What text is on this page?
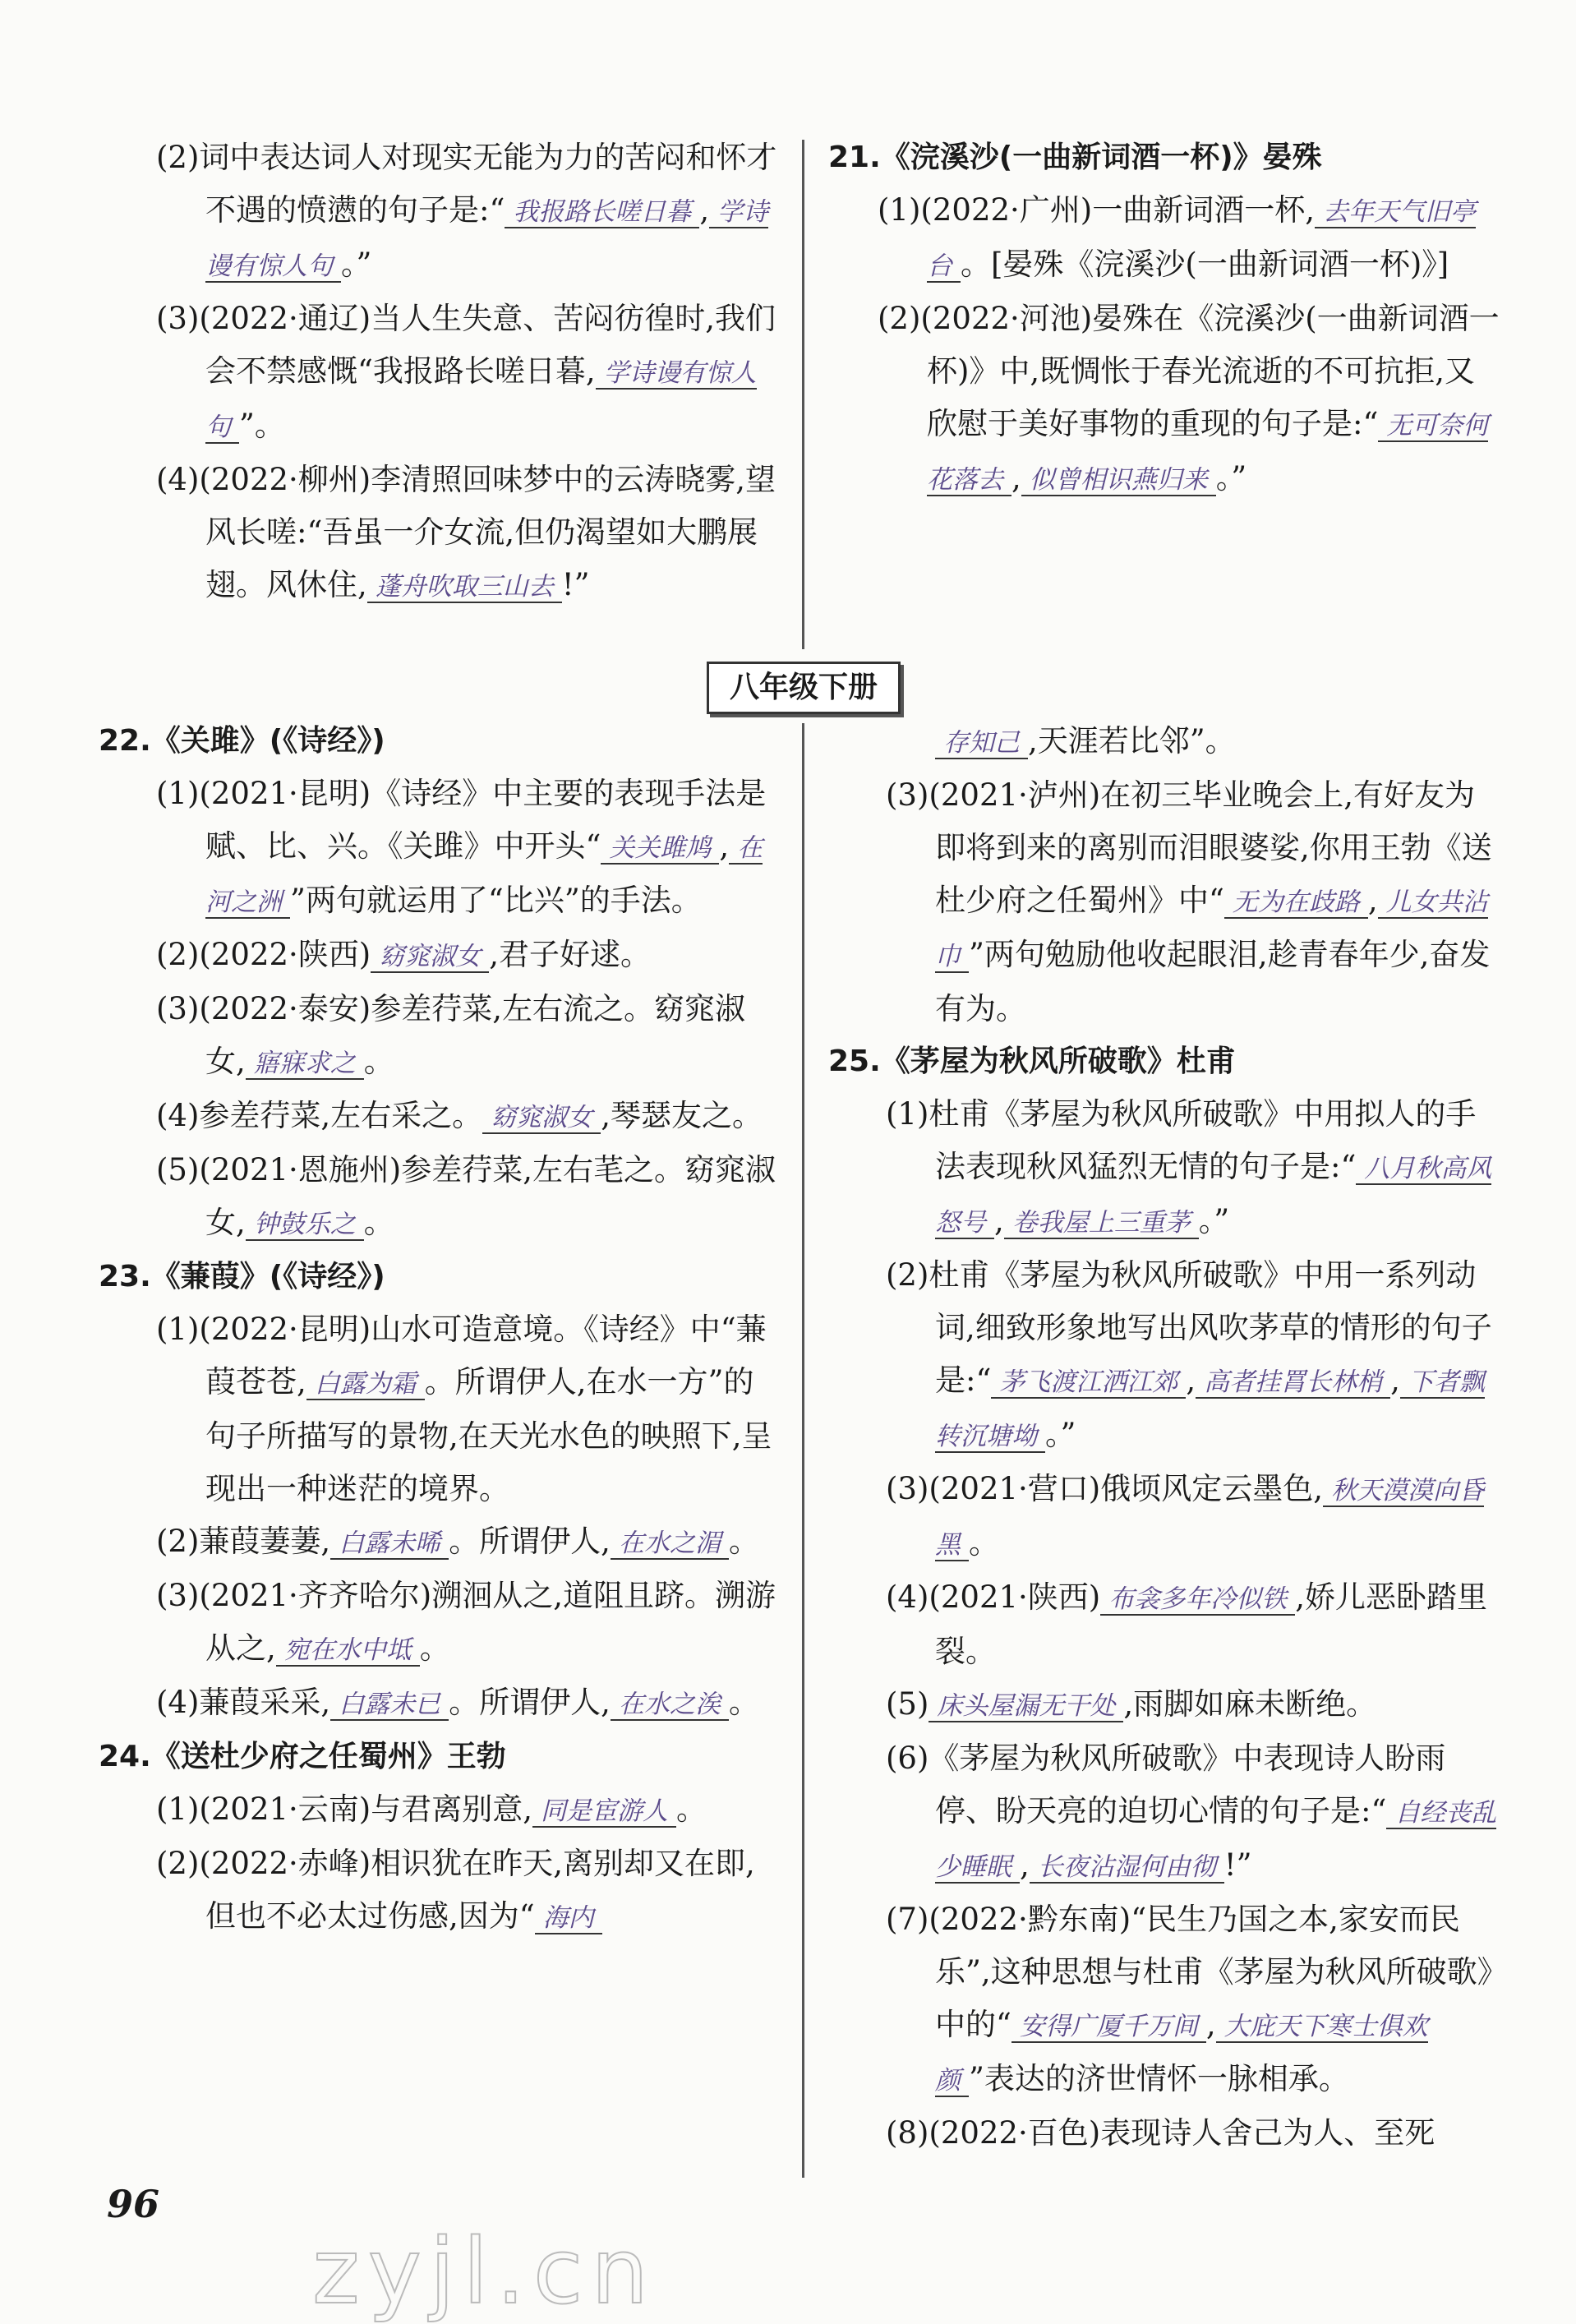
(2)词中表达词人对现实无能为力的苦闷和怀才不遇的愤懑的句子是:“ 我报路长嗟日暮 , 学诗谩有惊人句 。”

(3)(2022·通辽)当人生失意、苦闷彷徨时,我们会不禁感慨“我报路长嗟日暮, 学诗谩有惊人句 ”。

(4)(2022·柳州)李清照回味梦中的云涛晓雾,望风长嗟:“吾虽一介女流,但仍渴望如大鹏展翅。风休住, 蓬舟吹取三山去 !”

21.《浣溪沙(一曲新词酒一杯)》晏殊

(1)(2022·广州)一曲新词酒一杯, 去年天气旧亭台 。[晏殊《浣溪沙(一曲新词酒一杯)》]

(2)(2022·河池)晏殊在《浣溪沙(一曲新词酒一杯)》中,既惆怅于春光流逝的不可抗拒,又欣慰于美好事物的重现的句子是:“ 无可奈何花落去 , 似曾相识燕归来 。”

八年级下册
22.《关雎》(《诗经》)

(1)(2021·昆明)《诗经》中主要的表现手法是赋、比、兴。《关雎》中开头“ 关关雎鸠 , 在河之洲 ”两句就运用了“比兴”的手法。

(2)(2022·陕西) 窈窕淑女 ,君子好逑。

(3)(2022·泰安)参差荇菜,左右流之。窈窕淑女, 寤寐求之 。

(4)参差荇菜,左右采之。 窈窕淑女 ,琴瑟友之。

(5)(2021·恩施州)参差荇菜,左右芼之。窈窕淑女, 钟鼓乐之 。

23.《蒹葭》(《诗经》)

(1)(2022·昆明)山水可造意境。《诗经》中“蒹葭苍苍, 白露为霜 。所谓伊人,在水一方”的句子所描写的景物,在天光水色的映照下,呈现出一种迷茫的境界。

(2)蒹葭萋萋, 白露未晞 。所谓伊人, 在水之湄 。

(3)(2021·齐齐哈尔)溯洄从之,道阻且跻。溯游从之, 宛在水中坻 。

(4)蒹葭采采, 白露未已 。所谓伊人, 在水之涘 。

24.《送杜少府之任蜀州》王勃

(1)(2021·云南)与君离别意, 同是宦游人 。

(2)(2022·赤峰)相识犹在昨天,离别却又在即,但也不必太过伤感,因为“ 海内

存知己 ,天涯若比邻”。

(3)(2021·泸州)在初三毕业晚会上,有好友为即将到来的离别而泪眼婆娑,你用王勃《送杜少府之任蜀州》中“ 无为在歧路 , 儿女共沾巾 ”两句勉励他收起眼泪,趁青春年少,奋发有为。

25.《茅屋为秋风所破歌》杜甫

(1)杜甫《茅屋为秋风所破歌》中用拟人的手法表现秋风猛烈无情的句子是:“ 八月秋高风怒号 , 卷我屋上三重茅 。”

(2)杜甫《茅屋为秋风所破歌》中用一系列动词,细致形象地写出风吹茅草的情形的句子是:“ 茅飞渡江洒江郊 , 高者挂罥长林梢 , 下者飘转沉塘坳 。”

(3)(2021·营口)俄顷风定云墨色, 秋天漠漠向昏黑 。

(4)(2021·陕西) 布衾多年冷似铁 ,娇儿恶卧踏里裂。

(5) 床头屋漏无干处 ,雨脚如麻未断绝。

(6)《茅屋为秋风所破歌》中表现诗人盼雨停、盼天亮的迫切心情的句子是:“ 自经丧乱少睡眠 , 长夜沾湿何由彻 !”

(7)(2022·黔东南)“民生乃国之本,家安而民乐”,这种思想与杜甫《茅屋为秋风所破歌》中的“ 安得广厦千万间 , 大庇天下寒士俱欢颜 ”表达的济世情怀一脉相承。

(8)(2022·百色)表现诗人舍己为人、至死

96
zyjl.cn
